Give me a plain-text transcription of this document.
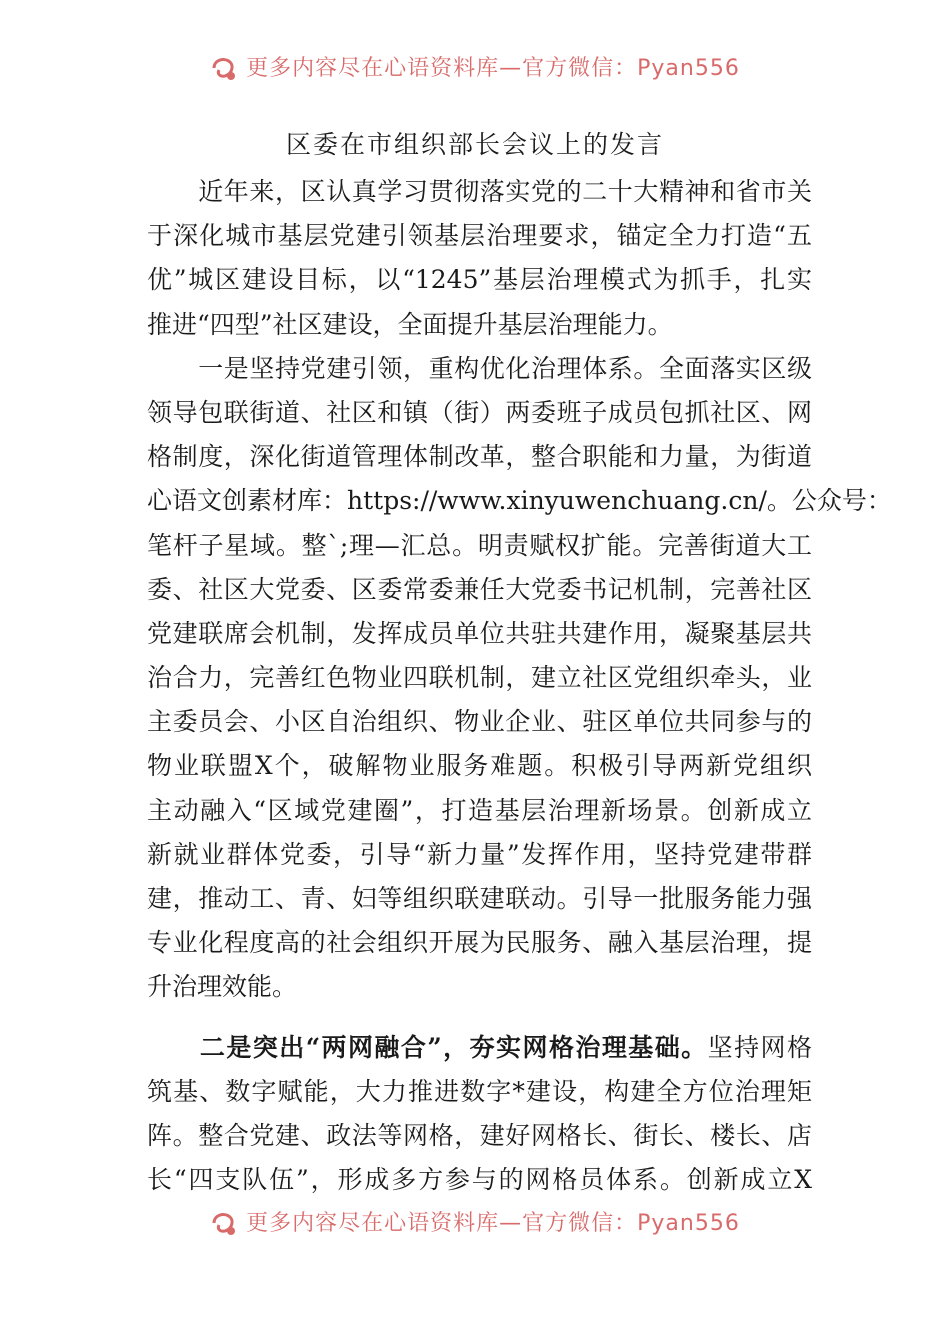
更多内容尽在心语资料库—官方微信：Pyan556
区委在市组织部长会议上的发言
　　近年来，区认真学习贯彻落实党的二十大精神和省市关
于深化城市基层党建引领基层治理要求，锚定全力打造“五
优”城区建设目标，以“1245”基层治理模式为抓手，扎实
推进“四型”社区建设，全面提升基层治理能力。
　　一是坚持党建引领，重构优化治理体系。全面落实区级
领导包联街道、社区和镇（街）两委班子成员包抓社区、网
格制度，深化街道管理体制改革，整合职能和力量，为街道
心语文创素材库：https://www.xinyuwenchuang.cn/。公众号：
笔杆子星域。整`;理—汇总。明责赋权扩能。完善街道大工
委、社区大党委、区委常委兼任大党委书记机制，完善社区
党建联席会机制，发挥成员单位共驻共建作用，凝聚基层共
治合力，完善红色物业四联机制，建立社区党组织牵头，业
主委员会、小区自治组织、物业企业、驻区单位共同参与的
物业联盟X个，破解物业服务难题。积极引导两新党组织
主动融入“区域党建圈”，打造基层治理新场景。创新成立
新就业群体党委，引导“新力量”发挥作用，坚持党建带群
建，推动工、青、妇等组织联建联动。引导一批服务能力强
专业化程度高的社会组织开展为民服务、融入基层治理，提
升治理效能。
　　二是突出“两网融合”，夯实网格治理基础。坚持网格
筑基、数字赋能，大力推进数字*建设，构建全方位治理矩
阵。整合党建、政法等网格，建好网格长、街长、楼长、店
长“四支队伍”，形成多方参与的网格员体系。创新成立X
更多内容尽在心语资料库—官方微信：Pyan556
